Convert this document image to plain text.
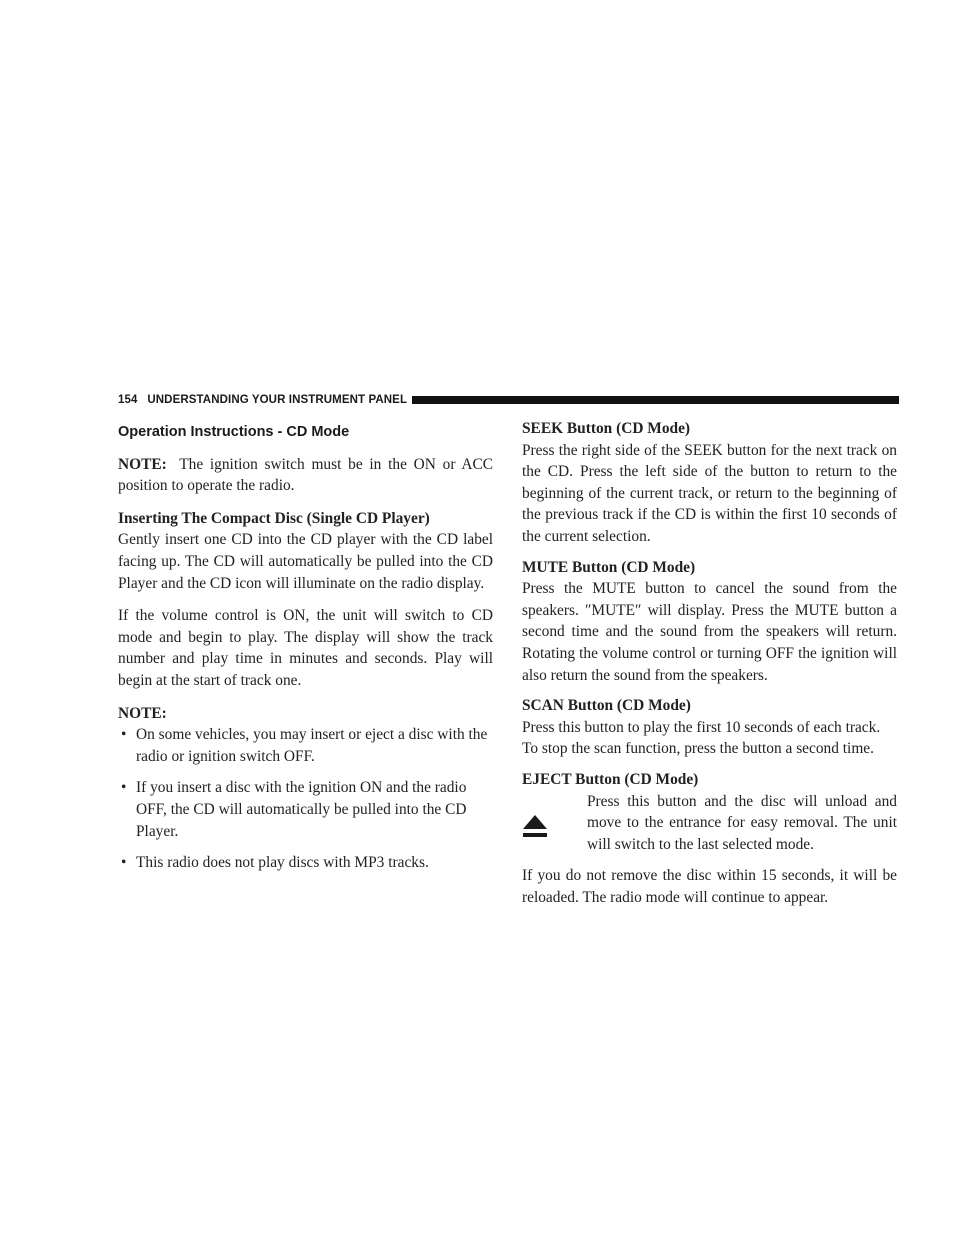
154   UNDERSTANDING YOUR INSTRUMENT PANEL
Operation Instructions - CD Mode

NOTE: The ignition switch must be in the ON or ACC position to operate the radio.

Inserting The Compact Disc (Single CD Player)

Gently insert one CD into the CD player with the CD label facing up. The CD will automatically be pulled into the CD Player and the CD icon will illuminate on the radio display.

If the volume control is ON, the unit will switch to CD mode and begin to play. The display will show the track number and play time in minutes and seconds. Play will begin at the start of track one.

NOTE:
• On some vehicles, you may insert or eject a disc with the radio or ignition switch OFF.
• If you insert a disc with the ignition ON and the radio OFF, the CD will automatically be pulled into the CD Player.
• This radio does not play discs with MP3 tracks.
SEEK Button (CD Mode)

Press the right side of the SEEK button for the next track on the CD. Press the left side of the button to return to the beginning of the current track, or return to the beginning of the previous track if the CD is within the first 10 seconds of the current selection.

MUTE Button (CD Mode)

Press the MUTE button to cancel the sound from the speakers. ″MUTE″ will display. Press the MUTE button a second time and the sound from the speakers will return. Rotating the volume control or turning OFF the ignition will also return the sound from the speakers.

SCAN Button (CD Mode)

Press this button to play the first 10 seconds of each track. To stop the scan function, press the button a second time.

EJECT Button (CD Mode)
Press this button and the disc will unload and move to the entrance for easy removal. The unit will switch to the last selected mode.

If you do not remove the disc within 15 seconds, it will be reloaded. The radio mode will continue to appear.
